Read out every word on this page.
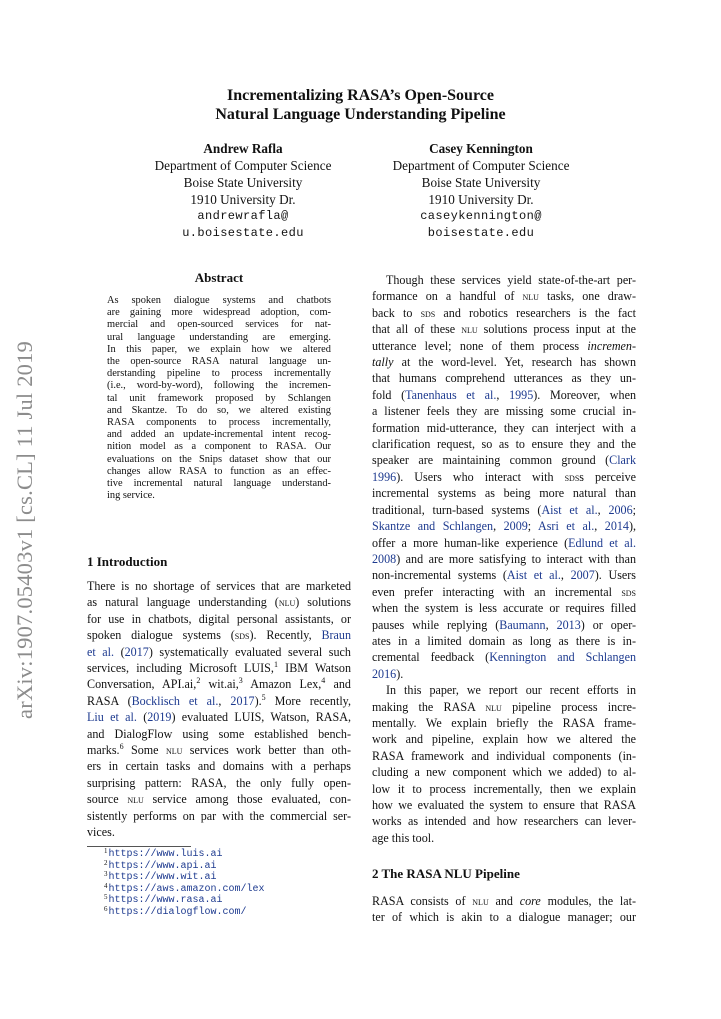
arXiv:1907.05403v1 [cs.CL] 11 Jul 2019
Incrementalizing RASA’s Open-Source
Natural Language Understanding Pipeline
Andrew Rafla
Department of Computer Science
Boise State University
1910 University Dr.
andrewrafla@
u.boisestate.edu
Casey Kennington
Department of Computer Science
Boise State University
1910 University Dr.
caseykennington@
boisestate.edu
Abstract
As spoken dialogue systems and chatbots
are gaining more widespread adoption, com-
mercial and open-sourced services for nat-
ural language understanding are emerging.
In this paper, we explain how we altered
the open-source RASA natural language un-
derstanding pipeline to process incrementally
(i.e., word-by-word), following the incremen-
tal unit framework proposed by Schlangen
and Skantze. To do so, we altered existing
RASA components to process incrementally,
and added an update-incremental intent recog-
nition model as a component to RASA. Our
evaluations on the Snips dataset show that our
changes allow RASA to function as an effec-
tive incremental natural language understand-
ing service.
1 Introduction
There is no shortage of services that are marketed
as natural language understanding (nlu) solutions
for use in chatbots, digital personal assistants, or
spoken dialogue systems (sds). Recently, Braun
et al. (2017) systematically evaluated several such
services, including Microsoft LUIS,$^1$ IBM Watson
Conversation, API.ai,$^2$ wit.ai,$^3$ Amazon Lex,$^4$ and
RASA (Bocklisch et al., 2017).$^5$ More recently,
Liu et al. (2019) evaluated LUIS, Watson, RASA,
and DialogFlow using some established bench-
marks.$^6$ Some nlu services work better than oth-
ers in certain tasks and domains with a perhaps
surprising pattern: RASA, the only fully open-
source nlu service among those evaluated, con-
sistently performs on par with the commercial ser-
vices.
$^1$https://www.luis.ai
$^2$https://www.api.ai
$^3$https://www.wit.ai
$^4$https://aws.amazon.com/lex
$^5$https://www.rasa.ai
$^6$https://dialogflow.com/
Though these services yield state-of-the-art per-
formance on a handful of nlu tasks, one draw-
back to sds and robotics researchers is the fact
that all of these nlu solutions process input at the
utterance level; none of them process incremen-
tally at the word-level. Yet, research has shown
that humans comprehend utterances as they un-
fold (Tanenhaus et al., 1995). Moreover, when
a listener feels they are missing some crucial in-
formation mid-utterance, they can interject with a
clarification request, so as to ensure they and the
speaker are maintaining common ground (Clark
1996). Users who interact with sdss perceive
incremental systems as being more natural than
traditional, turn-based systems (Aist et al., 2006;
Skantze and Schlangen, 2009; Asri et al., 2014),
offer a more human-like experience (Edlund et al.
2008) and are more satisfying to interact with than
non-incremental systems (Aist et al., 2007). Users
even prefer interacting with an incremental sds
when the system is less accurate or requires filled
pauses while replying (Baumann, 2013) or oper-
ates in a limited domain as long as there is in-
cremental feedback (Kennington and Schlangen
2016).
In this paper, we report our recent efforts in
making the RASA nlu pipeline process incre-
mentally. We explain briefly the RASA frame-
work and pipeline, explain how we altered the
RASA framework and individual components (in-
cluding a new component which we added) to al-
low it to process incrementally, then we explain
how we evaluated the system to ensure that RASA
works as intended and how researchers can lever-
age this tool.
2 The RASA NLU Pipeline
RASA consists of nlu and core modules, the lat-
ter of which is akin to a dialogue manager; our
